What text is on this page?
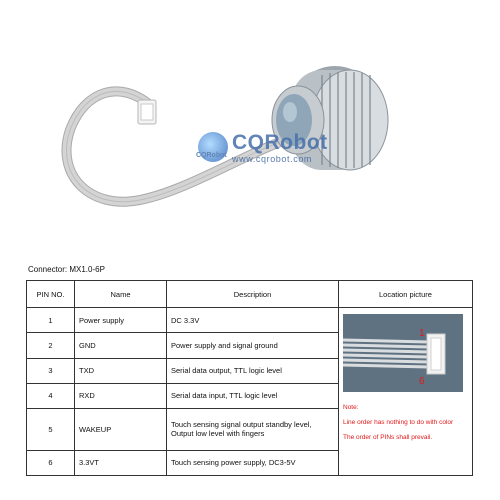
CQRobot
CQRobot
www.cqrobot.com
Connector: MX1.0-6P
PIN NO.	Name	Description	Location picture
1	Power supply	DC 3.3V	1
6
Note:
Line order has nothing to do with color
The order of PINs shall prevail.

2	GND	Power supply and signal ground	
3	TXD	Serial data output, TTL logic level	
4	RXD	Serial data input, TTL logic level	
5	WAKEUP	Touch sensing signal output standby level, Output low level with fingers	
6	3.3VT	Touch sensing power supply, DC3-5V	
